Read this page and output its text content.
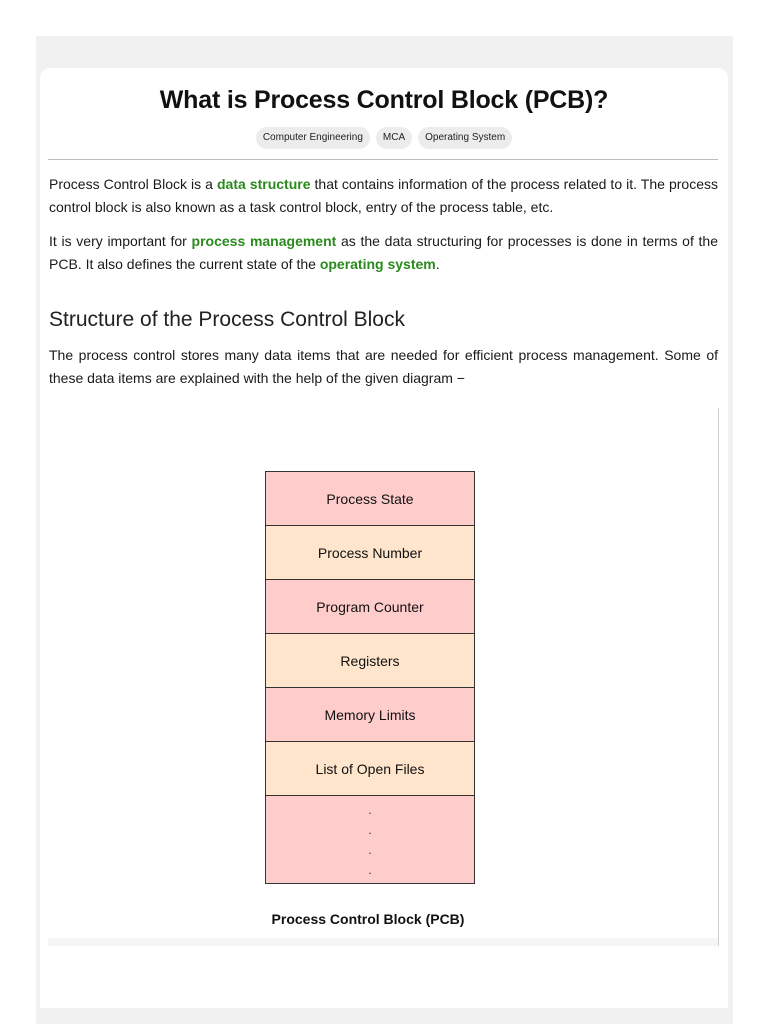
What is Process Control Block (PCB)?
Computer Engineering	MCA	Operating System

Process Control Block is a data structure that contains information of the process related to it. The process control block is also known as a task control block, entry of the process table, etc.

It is very important for process management as the data structuring for processes is done in terms of the PCB. It also defines the current state of the operating system.

Structure of the Process Control Block

The process control stores many data items that are needed for efficient process management. Some of these data items are explained with the help of the given diagram −

Process State
Process Number
Program Counter
Registers
Memory Limits
List of Open Files
.
.
.
.
Process Control Block (PCB)
